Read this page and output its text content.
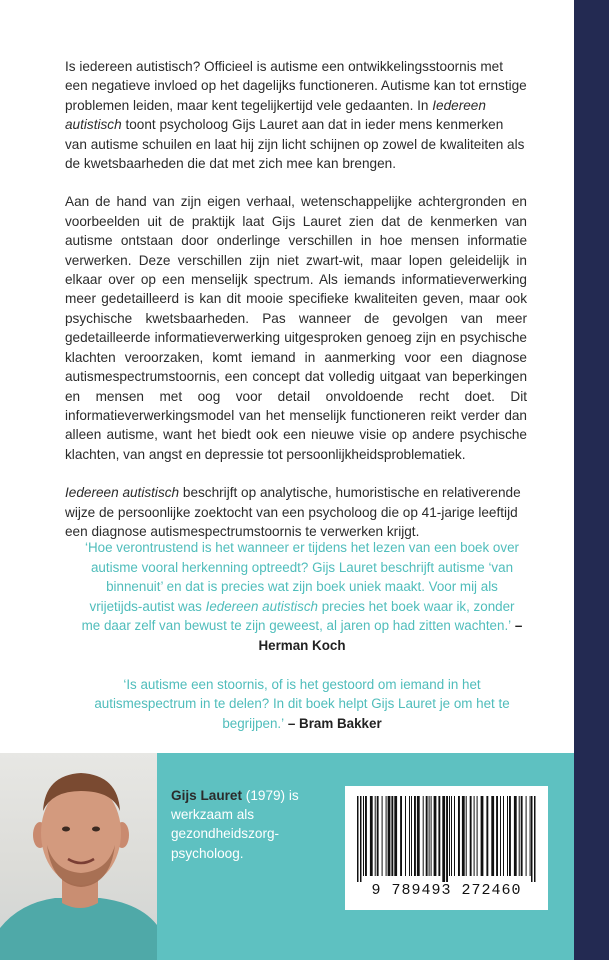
Is iedereen autistisch? Officieel is autisme een ontwikkelingsstoornis met een negatieve invloed op het dagelijks functioneren. Autisme kan tot ernstige problemen leiden, maar kent tegelijkertijd vele gedaanten. In Iedereen autistisch toont psycholoog Gijs Lauret aan dat in ieder mens kenmerken van autisme schuilen en laat hij zijn licht schijnen op zowel de kwaliteiten als de kwetsbaarheden die dat met zich mee kan brengen.

Aan de hand van zijn eigen verhaal, wetenschappelijke achtergronden en voorbeelden uit de praktijk laat Gijs Lauret zien dat de kenmerken van autisme ontstaan door onderlinge verschillen in hoe mensen informatie verwerken. Deze verschillen zijn niet zwart-wit, maar lopen geleidelijk in elkaar over op een menselijk spectrum. Als iemands informatieverwerking meer gedetailleerd is kan dit mooie specifieke kwaliteiten geven, maar ook psychische kwetsbaarheden. Pas wanneer de gevolgen van meer gedetailleerde informatieverwerking uitgesproken genoeg zijn en psychische klachten veroorzaken, komt iemand in aanmerking voor een diagnose autismespectrumstoornis, een concept dat volledig uitgaat van beperkingen en mensen met oog voor detail onvoldoende recht doet. Dit informatieverwerkingsmodel van het menselijk functioneren reikt verder dan alleen autisme, want het biedt ook een nieuwe visie op andere psychische klachten, van angst en depressie tot persoonlijkheidsproblematiek.

Iedereen autistisch beschrijft op analytische, humoristische en relativerende wijze de persoonlijke zoektocht van een psycholoog die op 41-jarige leeftijd een diagnose autismespectrumstoornis te verwerken krijgt.

‘Hoe verontrustend is het wanneer er tijdens het lezen van een boek over autisme vooral herkenning optreedt? Gijs Lauret beschrijft autisme ‘van binnenuit’ en dat is precies wat zijn boek uniek maakt. Voor mij als vrijetijds-autist was Iedereen autistisch precies het boek waar ik, zonder me daar zelf van bewust te zijn geweest, al jaren op had zitten wachten.’ – Herman Koch

‘Is autisme een stoornis, of is het gestoord om iemand in het autismespectrum in te delen? In dit boek helpt Gijs Lauret je om het te begrijpen.’ – Bram Bakker

Gijs Lauret (1979) is werkzaam als gezondheidszorg-psycholoog.
9 789493 272460
